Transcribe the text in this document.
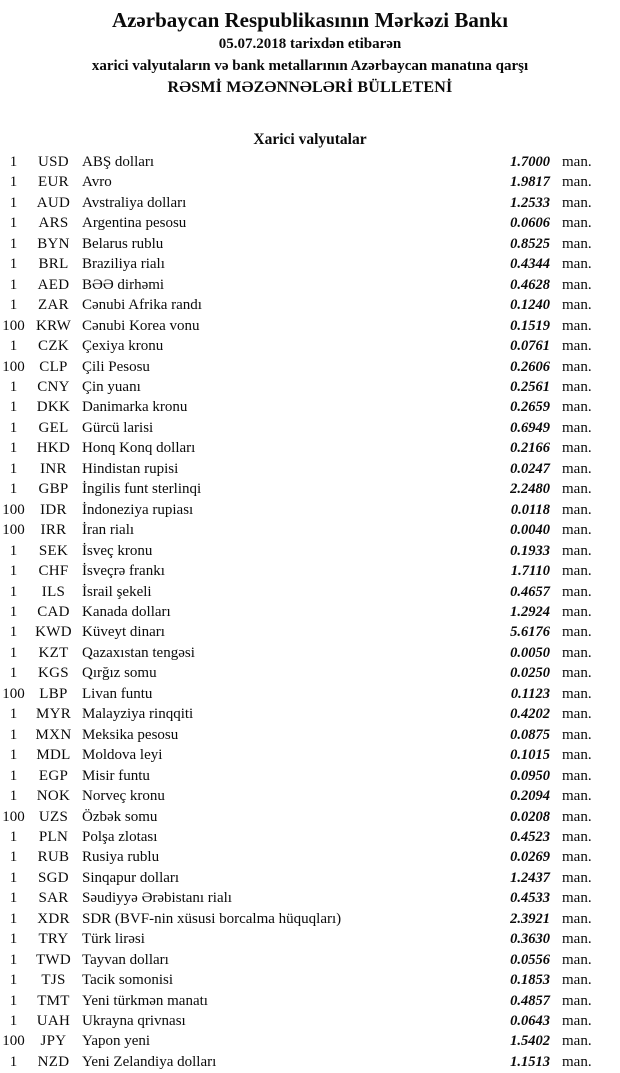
Azərbaycan Respublikasının Mərkəzi Bankı
05.07.2018 tarixdən etibarən
xarici valyutaların və bank metallarının Azərbaycan manatına qarşı
RƏSMİ MƏZƏNNƏLƏRİ BÜLLETENİ
Xarici valyutalar
1	USD ABŞ dolları	1.7000 man.
1	EUR Avro	1.9817 man.
1	AUD Avstraliya dolları	1.2533 man.
1	ARS Argentina pesosu	0.0606 man.
1	BYN Belarus rublu	0.8525 man.
1	BRL Braziliya rialı	0.4344 man.
1	AED BƏƏ dirhəmi	0.4628 man.
1	ZAR Cənubi Afrika randı	0.1240 man.
100 KRW Cənubi Korea vonu	0.1519 man.
1	CZK Çexiya kronu	0.0761 man.
100 CLP Çili Pesosu	0.2606 man.
1	CNY Çin yuanı	0.2561 man.
1	DKK Danimarka kronu	0.2659 man.
1	GEL Gürcü larisi	0.6949 man.
1	HKD Honq Konq dolları	0.2166 man.
1	INR	Hindistan rupisi	0.0247 man.
1	GBP İngilis funt sterlinqi	2.2480 man.
100	IDR	İndoneziya rupiası	0.0118 man.
100	IRR	İran rialı	0.0040 man.
1	SEK İsveç kronu	0.1933 man.
1	CHF İsveçrə frankı	1.7110 man.
1	ILS	İsrail şekeli	0.4657 man.
1	CAD Kanada dolları	1.2924 man.
1	KWD Küveyt dinarı	5.6176 man.
1	KZT Qazaxıstan tengəsi	0.0050 man.
1	KGS Qırğız somu	0.0250 man.
100 LBP Livan funtu	0.1123 man.
1	MYR Malayziya rinqqiti	0.4202 man.
1	MXN Meksika pesosu	0.0875 man.
1	MDL Moldova leyi	0.1015 man.
1	EGP Misir funtu	0.0950 man.
1	NOK Norveç kronu	0.2094 man.
100 UZS Özbək somu	0.0208 man.
1	PLN Polşa zlotası	0.4523 man.
1	RUB Rusiya rublu	0.0269 man.
1	SGD Sinqapur dolları	1.2437 man.
1	SAR Səudiyyə Ərəbistanı rialı	0.4533 man.
1	XDR SDR (BVF-nin xüsusi borcalma hüquqları)	2.3921 man.
1	TRY Türk lirəsi	0.3630 man.
1	TWD Tayvan dolları	0.0556 man.
1	TJS	Tacik somonisi	0.1853 man.
1	TMT Yeni türkmən manatı	0.4857 man.
1	UAH Ukrayna qrivnası	0.0643 man.
100	JPY	Yapon yeni	1.5402 man.
1	NZD Yeni Zelandiya dolları	1.1513 man.
